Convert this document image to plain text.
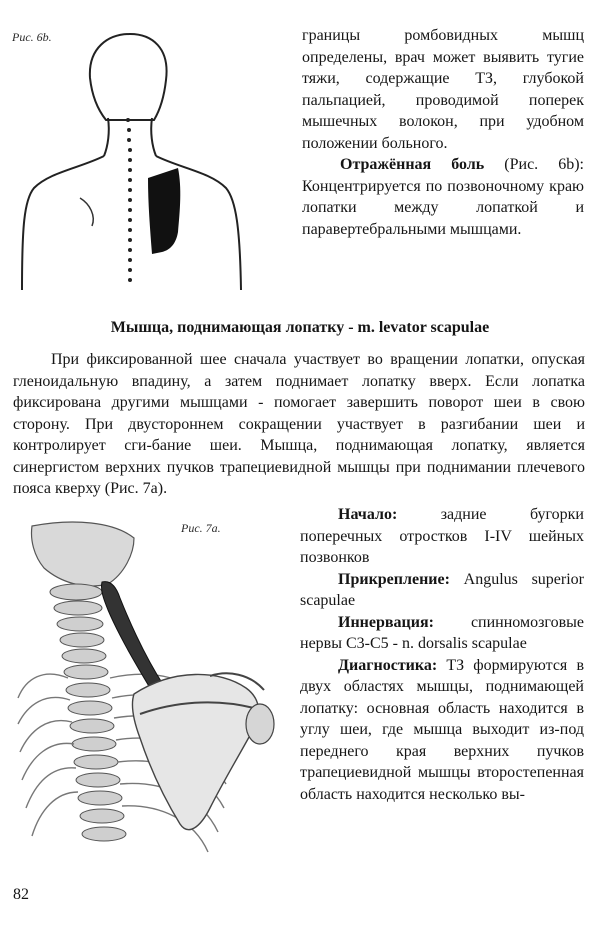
Рис. 6b.	границы ромбовидных мышц определены, врач может выявить тугие тяжи, содержащие ТЗ, глубокой пальпацией, проводимой поперек мышечных волокон, при удобном положении больного.

Отражённая боль (Рис. 6b): Концентрируется по позвоночному краю лопатки между лопаткой и паравертебральными мышцами.

Мышца, поднимающая лопатку - m. levator scapulae

При фиксированной шее сначала участвует во вращении лопатки, опуская гленоидальную впадину, а затем поднимает лопатку вверх. Если лопатка фиксирована другими мышцами - помогает завершить поворот шеи в свою сторону. При двустороннем сокращении участвует в разгибании шеи и контролирует сги-бание шеи. Мышца, поднимающая лопатку, является синергистом верхних пучков трапециевидной мышцы при поднимании плечевого пояса кверху (Рис. 7а).

Рис. 7a.

Начало: задние бугорки поперечных отростков I-IV шейных позвонков

Прикрепление: Angulus superior scapulae

Иннервация: спинномозговые нервы С3-С5 - n. dorsalis scapulae

Диагностика: ТЗ формируются в двух областях мышцы, поднимающей лопатку: основная область находится в углу шеи, где мышца выходит из-под переднего края верхних пучков трапециевидной мышцы второстепенная область находится несколько вы-

82
